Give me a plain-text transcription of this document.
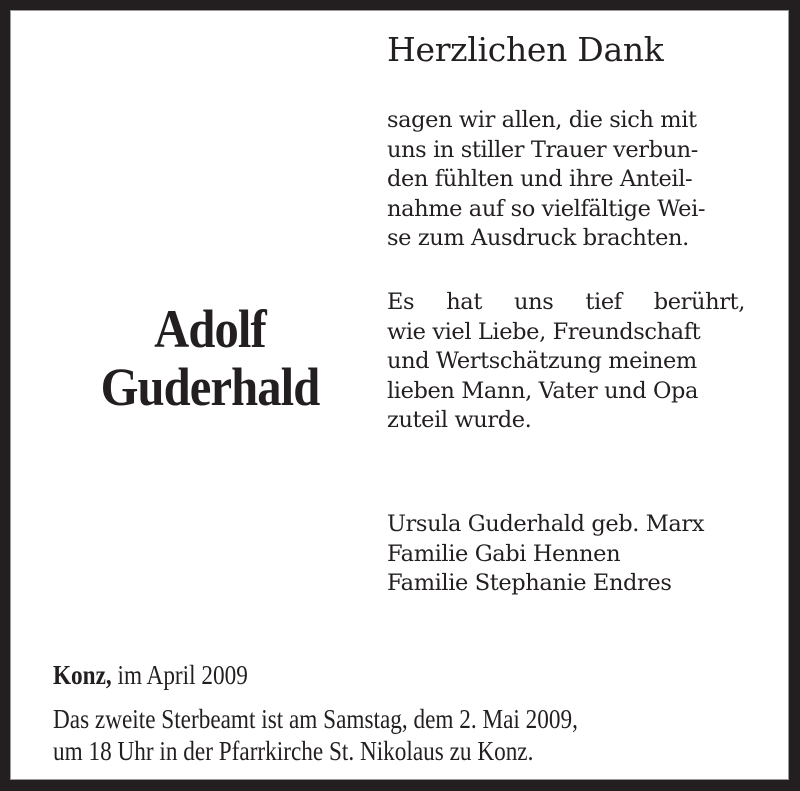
Herzlichen Dank
Adolf
Guderhald
sagen wir allen, die sich mit
uns in stiller Trauer verbun-
den fühlten und ihre Anteil-
nahme auf so vielfältige Wei-
se zum Ausdruck brachten.
Es hat uns tief berührt,
wie viel Liebe, Freundschaft
und Wertschätzung meinem
lieben Mann, Vater und Opa
zuteil wurde.
Ursula Guderhald geb. Marx
Familie Gabi Hennen
Familie Stephanie Endres
Konz, im April 2009
Das zweite Sterbeamt ist am Samstag, dem 2. Mai 2009,
um 18 Uhr in der Pfarrkirche St. Nikolaus zu Konz.
